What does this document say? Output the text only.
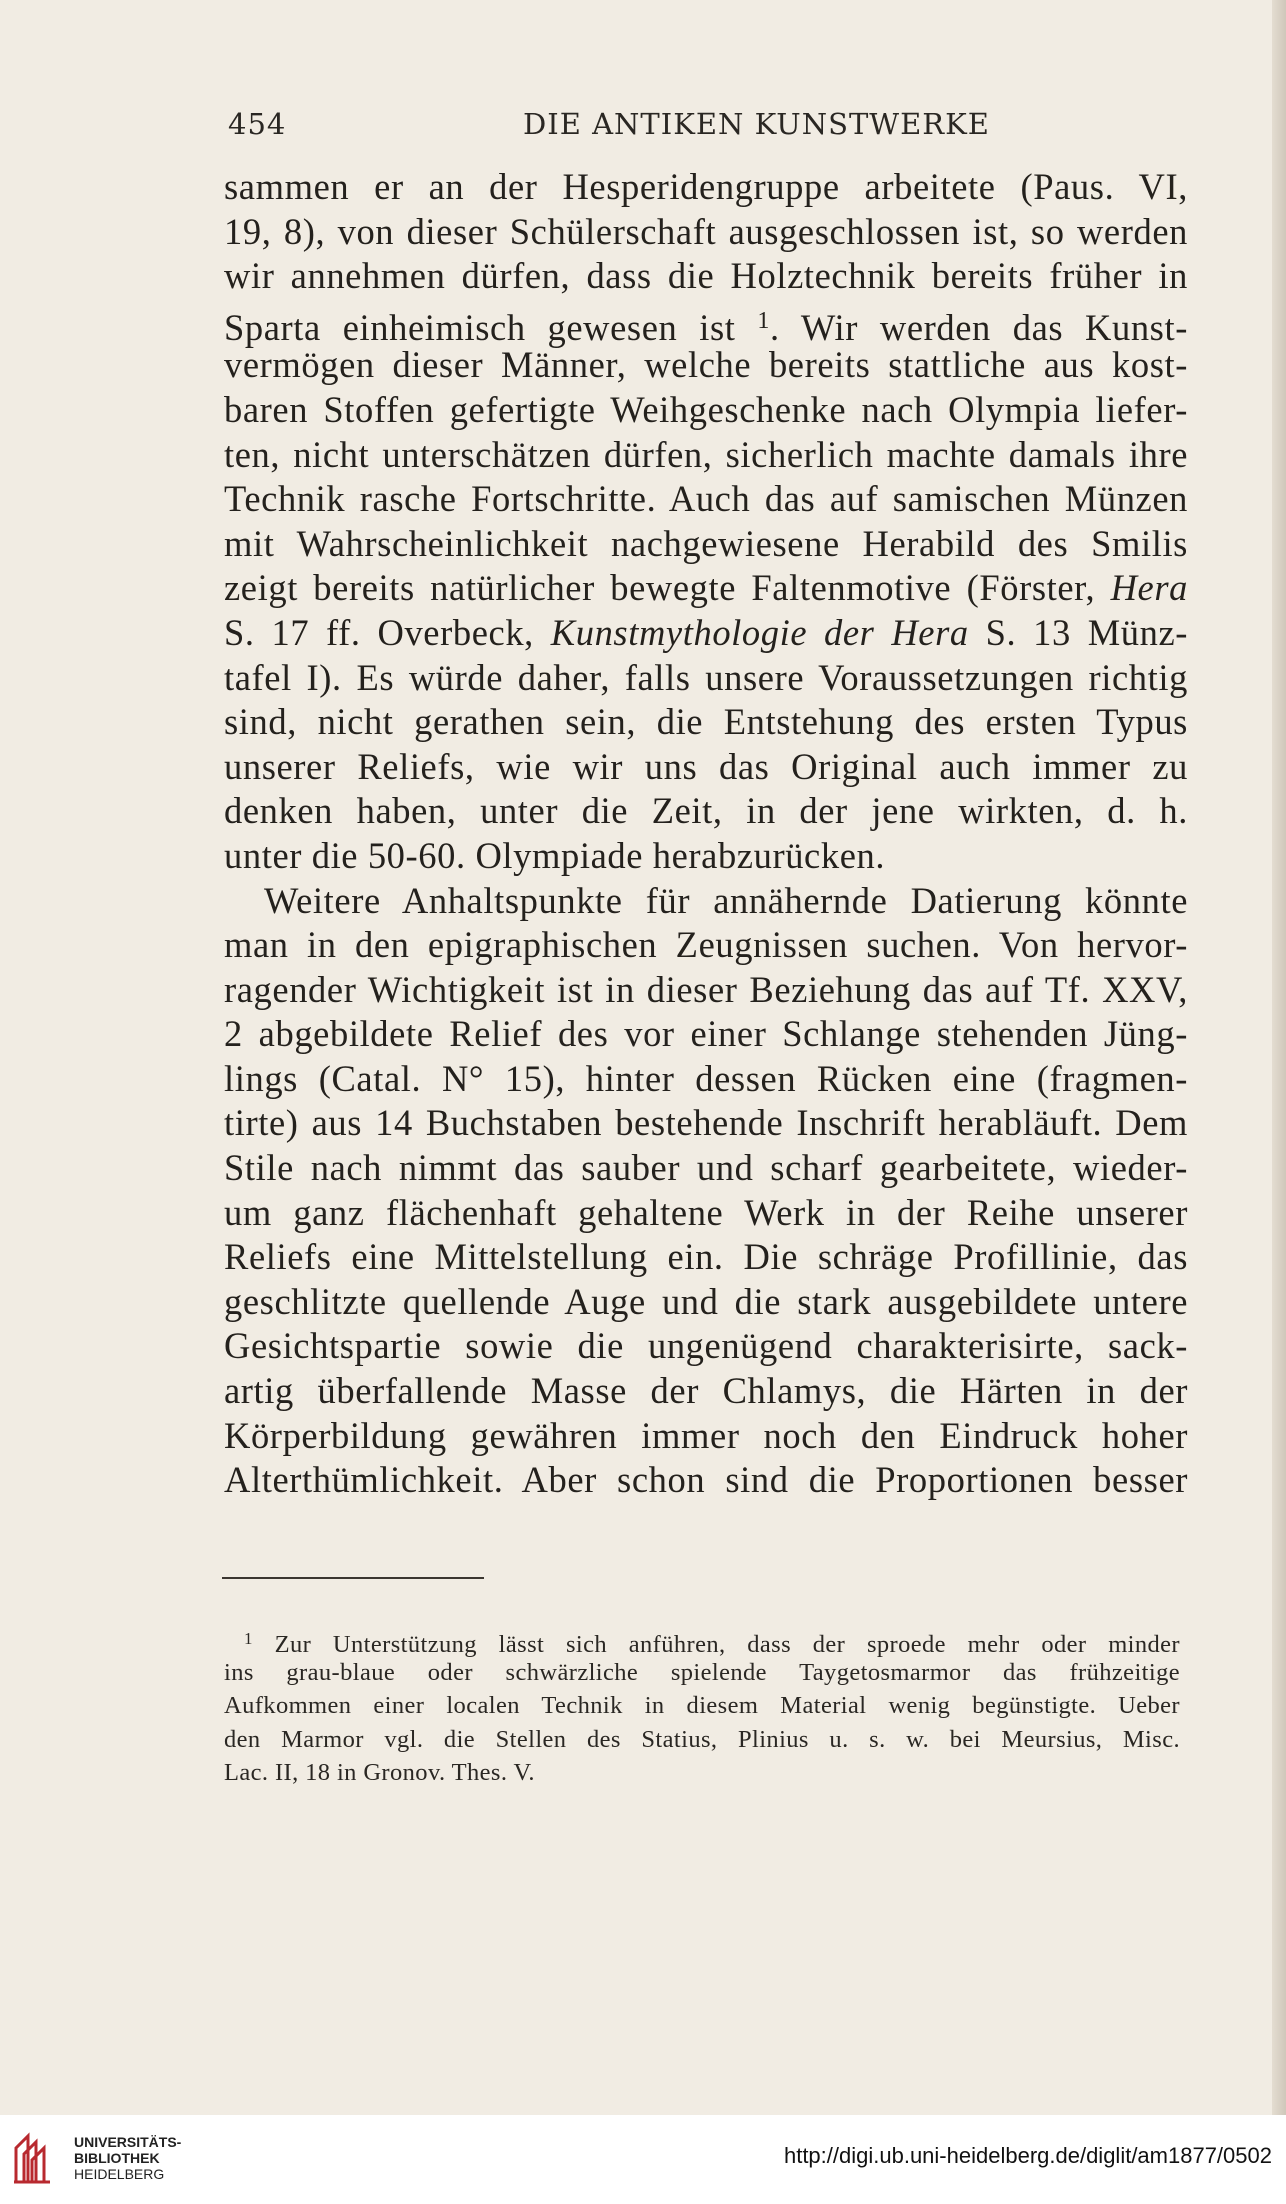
454	DIE ANTIKEN KUNSTWERKE
sammen er an der Hesperidengruppe arbeitete (Paus. VI,
19, 8), von dieser Schülerschaft ausgeschlossen ist, so werden
wir annehmen dürfen, dass die Holztechnik bereits früher in
Sparta einheimisch gewesen ist $^1$. Wir werden das Kunst-
vermögen dieser Männer, welche bereits stattliche aus kost-
baren Stoffen gefertigte Weihgeschenke nach Olympia liefer-
ten, nicht unterschätzen dürfen, sicherlich machte damals ihre
Technik rasche Fortschritte. Auch das auf samischen Münzen
mit Wahrscheinlichkeit nachgewiesene Herabild des Smilis
zeigt bereits natürlicher bewegte Faltenmotive (Förster, Hera
S. 17 ff. Overbeck, Kunstmythologie der Hera S. 13 Münz-
tafel I). Es würde daher, falls unsere Voraussetzungen richtig
sind, nicht gerathen sein, die Entstehung des ersten Typus
unserer Reliefs, wie wir uns das Original auch immer zu
denken haben, unter die Zeit, in der jene wirkten, d. h.
unter die 50-60. Olympiade herabzurücken.
Weitere Anhaltspunkte für annähernde Datierung könnte
man in den epigraphischen Zeugnissen suchen. Von hervor-
ragender Wichtigkeit ist in dieser Beziehung das auf Tf. XXV,
2 abgebildete Relief des vor einer Schlange stehenden Jüng-
lings (Catal. N° 15), hinter dessen Rücken eine (fragmen-
tirte) aus 14 Buchstaben bestehende Inschrift herabläuft. Dem
Stile nach nimmt das sauber und scharf gearbeitete, wieder-
um ganz flächenhaft gehaltene Werk in der Reihe unserer
Reliefs eine Mittelstellung ein. Die schräge Profillinie, das
geschlitzte quellende Auge und die stark ausgebildete untere
Gesichtspartie sowie die ungenügend charakterisirte, sack-
artig überfallende Masse der Chlamys, die Härten in der
Körperbildung gewähren immer noch den Eindruck hoher
Alterthümlichkeit. Aber schon sind die Proportionen besser
$^1$ Zur Unterstützung lässt sich anführen, dass der sproede mehr oder minder
ins grau-blaue oder schwärzliche spielende Taygetosmarmor das frühzeitige
Aufkommen einer localen Technik in diesem Material wenig begünstigte. Ueber
den Marmor vgl. die Stellen des Statius, Plinius u. s. w. bei Meursius, Misc.
Lac. II, 18 in Gronov. Thes. V.
UNIVERSITÄTS-
BIBLIOTHEK
HEIDELBERG
http://digi.ub.uni-heidelberg.de/diglit/am1877/0502
